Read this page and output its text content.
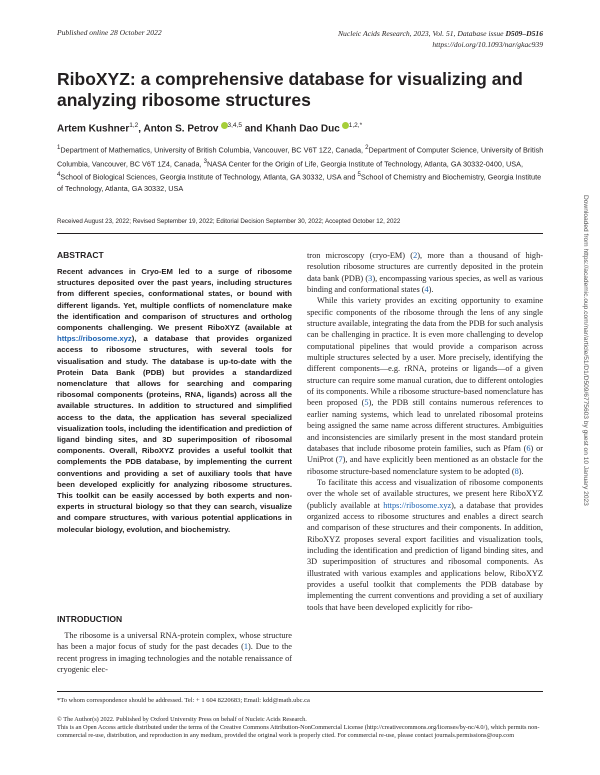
Published online 28 October 2022	Nucleic Acids Research, 2023, Vol. 51, Database issue D509–D516
https://doi.org/10.1093/nar/gkac939
RiboXYZ: a comprehensive database for visualizing and analyzing ribosome structures
Artem Kushner$^{1,2}$, Anton S. Petrov $^{3,4,5}$ and Khanh Dao Duc $^{1,2,*}$
$^1$Department of Mathematics, University of British Columbia, Vancouver, BC V6T 1Z2, Canada, $^2$Department of Computer Science, University of British Columbia, Vancouver, BC V6T 1Z4, Canada, $^3$NASA Center for the Origin of Life, Georgia Institute of Technology, Atlanta, GA 30332-0400, USA, $^4$School of Biological Sciences, Georgia Institute of Technology, Atlanta, GA 30332, USA and $^5$School of Chemistry and Biochemistry, Georgia Institute of Technology, Atlanta, GA 30332, USA
Received August 23, 2022; Revised September 19, 2022; Editorial Decision September 30, 2022; Accepted October 12, 2022
ABSTRACT
Recent advances in Cryo-EM led to a surge of ribosome structures deposited over the past years, including structures from different species, conformational states, or bound with different ligands. Yet, multiple conflicts of nomenclature make the identification and comparison of structures and ortholog components challenging. We present RiboXYZ (available at https://ribosome.xyz), a database that provides organized access to ribosome structures, with several tools for visualisation and study. The database is up-to-date with the Protein Data Bank (PDB) but provides a standardized nomenclature that allows for searching and comparing ribosomal components (proteins, RNA, ligands) across all the available structures. In addition to structured and simplified access to the data, the application has several specialized visualization tools, including the identification and prediction of ligand binding sites, and 3D superimposition of ribosomal components. Overall, RiboXYZ provides a useful toolkit that complements the PDB database, by implementing the current conventions and providing a set of auxiliary tools that have been developed explicitly for analyzing ribosome structures. This toolkit can be easily accessed by both experts and non-experts in structural biology so that they can search, visualize and compare structures, with various potential applications in molecular biology, evolution, and biochemistry.
INTRODUCTION
The ribosome is a universal RNA-protein complex, whose structure has been a major focus of study for the past decades (1). Due to the recent progress in imaging technologies and the notable renaissance of cryogenic elec-

tron microscopy (cryo-EM) (2), more than a thousand of high-resolution ribosome structures are currently deposited in the protein data bank (PDB) (3), encompassing various species, as well as various binding and conformational states (4).

While this variety provides an exciting opportunity to examine specific components of the ribosome through the lens of any single structure available, integrating the data from the PDB for such analysis can be challenging in practice. It is even more challenging to develop computational pipelines that would provide a comparison across multiple structures selected by a user. More precisely, identifying the different components—e.g. rRNA, proteins or ligands—of a given structure can require some manual curation, due to different ontologies of its components. While a ribosome structure-based nomenclature has been proposed (5), the PDB still contains numerous references to earlier naming systems, which lead to unrelated ribosomal proteins being assigned the same name across different structures. Ambiguities and inconsistencies are similarly present in the most standard protein databases that include ribosome protein families, such as Pfam (6) or UniProt (7), and have explicitly been mentioned as an obstacle for the ribosome structure-based nomenclature system to be adopted (8).

To facilitate this access and visualization of ribosome components over the whole set of available structures, we present here RiboXYZ (publicly available at https://ribosome.xyz), a database that provides organized access to ribosome structures and enables a direct search and comparison of these structures and their components. In addition, RiboXYZ proposes several export facilities and visualization tools, including the identification and prediction of ligand binding sites, and 3D superimposition of structures and ribosomal components. As illustrated with various examples and applications below, RiboXYZ provides a useful toolkit that complements the PDB database by implementing the current conventions and providing a set of auxiliary tools that have been developed explicitly for ribo-

*To whom correspondence should be addressed. Tel: + 1 604 8220683; Email: kdd@math.ubc.ca
© The Author(s) 2022. Published by Oxford University Press on behalf of Nucleic Acids Research.
This is an Open Access article distributed under the terms of the Creative Commons Attribution-NonCommercial License (http://creativecommons.org/licenses/by-nc/4.0/), which permits non-commercial re-use, distribution, and reproduction in any medium, provided the original work is properly cited. For commercial re-use, please contact journals.permissions@oup.com
Downloaded from https://academic.oup.com/nar/article/51/D1/D509/6775603 by guest on 10 January 2023
